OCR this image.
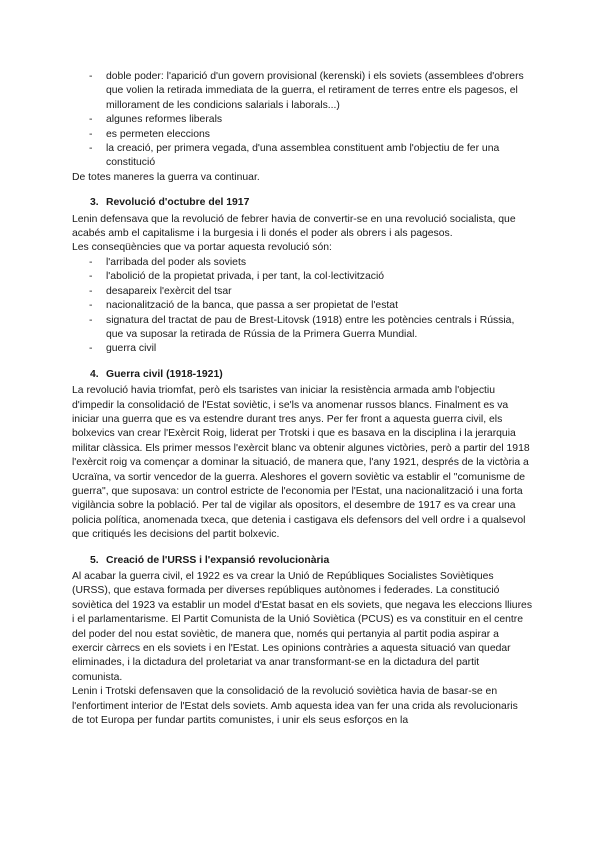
- doble poder: l'aparició d'un govern provisional (kerenski) i els soviets (assemblees d'obrers que volien la retirada immediata de la guerra, el retirament de terres entre els pagesos, el millorament de les condicions salarials i laborals...)
- algunes reformes liberals
- es permeten eleccions
- la creació, per primera vegada, d'una assemblea constituent amb l'objectiu de fer una constitució

De totes maneres la guerra va continuar.

3. Revolució d'octubre del 1917

Lenin defensava que la revolució de febrer havia de convertir-se en una revolució socialista, que acabés amb el capitalisme i la burgesia i li donés el poder als obrers i als pagesos.

Les conseqüències que va portar aquesta revolució són:

- l'arribada del poder als soviets
- l'abolició de la propietat privada, i per tant, la col·lectivització
- desapareix l'exèrcit del tsar
- nacionalització de la banca, que passa a ser propietat de l'estat
- signatura del tractat de pau de Brest-Litovsk (1918) entre les potències centrals i Rússia, que va suposar la retirada de Rússia de la Primera Guerra Mundial.
- guerra civil
4. Guerra civil (1918-1921)

La revolució havia triomfat, però els tsaristes van iniciar la resistència armada amb l'objectiu d'impedir la consolidació de l'Estat soviètic, i se'ls va anomenar russos blancs. Finalment es va iniciar una guerra que es va estendre durant tres anys. Per fer front a aquesta guerra civil, els bolxevics van crear l'Exèrcit Roig, liderat per Trotski i que es basava en la disciplina i la jerarquia militar clàssica. Els primer messos l'exèrcit blanc va obtenir algunes victòries, però a partir del 1918 l'exèrcit roig va començar a dominar la situació, de manera que, l'any 1921, després de la victòria a Ucraïna, va sortir vencedor de la guerra. Aleshores el govern soviètic va establir el "comunisme de guerra", que suposava: un control estricte de l'economia per l'Estat, una nacionalització i una forta vigilància sobre la població. Per tal de vigilar als opositors, el desembre de 1917 es va crear una policia política, anomenada txeca, que detenia i castigava els defensors del vell ordre i a qualsevol que critiqués les decisions del partit bolxevic.

5. Creació de l'URSS i l'expansió revolucionària

Al acabar la guerra civil, el 1922 es va crear la Unió de Repúbliques Socialistes Soviètiques (URSS), que estava formada per diverses repúbliques autònomes i federades. La constitució soviètica del 1923 va establir un model d'Estat basat en els soviets, que negava les eleccions lliures i el parlamentarisme. El Partit Comunista de la Unió Soviètica (PCUS) es va constituir en el centre del poder del nou estat soviètic, de manera que, només qui pertanyia al partit podia aspirar a exercir càrrecs en els soviets i en l'Estat. Les opinions contràries a aquesta situació van quedar eliminades, i la dictadura del proletariat va anar transformant-se en la dictadura del partit comunista.

Lenin i Trotski defensaven que la consolidació de la revolució soviètica havia de basar-se en l'enfortiment interior de l'Estat dels soviets. Amb aquesta idea van fer una crida als revolucionaris de tot Europa per fundar partits comunistes, i unir els seus esforços en la
